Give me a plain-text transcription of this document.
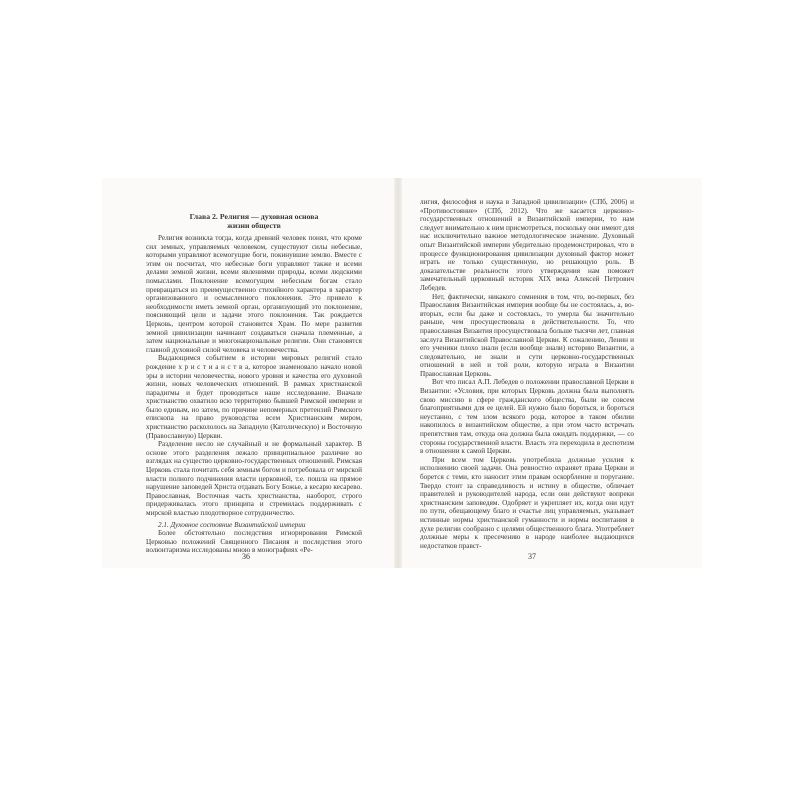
Глава 2. Религия — духовная основа
жизни обществ

Религия возникла тогда, когда древний человек понял, что кроме сил земных, управляемых человеком, существуют силы небесные, которыми управляют всемогущие боги, покинувшие землю. Вместе с этим он посчитал, что небесные боги управляют также и всеми делами земной жизни, всеми явлениями природы, всеми людскими помыслами. Поклонение всемогущим небесным богам стало превращаться из преимущественно стихийного характера в характер организованного и осмысленного поклонения. Это привело к необходимости иметь земной орган, организующий это поклонение, поясняющий цели и задачи этого поклонения. Так рождается Церковь, центром которой становится Храм. По мере развития земной цивилизации начинают создаваться сначала племенные, а затем национальные и многонациональные религии. Они становятся главной духовной силой человека и человечества.

Выдающимся событием в истории мировых религий стало рождение х р и с т и а н с т в а, которое знаменовало начало новой эры в истории человечества, нового уровня и качества его духовной жизни, новых человеческих отношений. В рамках христианской парадигмы и будет проводиться наше исследование. Вначале христианство охватило всю территорию бывшей Римской империи и было единым, но затем, по причине непомерных претензий Римского епископа на право руководства всем Христианским миром, христианство раскололось на Западную (Католическую) и Восточную (Православную) Церкви.

Разделение несло не случайный и не формальный характер. В основе этого разделения лежало принципиальное различие во взглядах на существо церковно-государственных отношений. Римская Церковь стала почитать себя земным богом и потребовала от мирской власти полного подчинения власти церковной, т.е. пошла на прямое нарушение заповедей Христа отдавать Богу Божье, а кесарю кесарево. Православная, Восточная часть христианства, наоборот, строго придерживалась этого принципа и стремилась поддерживать с мирской властью плодотворное сотрудничество.

2.1. Духовное состояние Византийской империи

Более обстоятельно последствия игнорирования Римской Церковью положений Священного Писания и последствия этого волюнтаризма исследованы мною в монографиях «Ре-

36

лигия, философия и наука в Западной цивилизации» (СПб, 2006) и «Противостояние» (СПб, 2012). Что же касается церковно-государственных отношений в Византийской империи, то нам следует внимательно к ним присмотреться, поскольку они имеют для нас исключительно важное методологическое значение. Духовный опыт Византийской империи убедительно продемонстрировал, что в процессе функционирования цивилизации духовный фактор может играть не только существенную, но решающую роль. В доказательстве реальности этого утверждения нам поможет замечательный церковный историк XIX века Алексей Петрович Лебедев.

Нет, фактически, никакого сомнения в том, что, во-первых, без Православия Византийская империя вообще бы не состоялась, а, во-вторых, если бы даже и состоялась, то умерла бы значительно раньше, чем просуществовала в действительности. То, что православная Византия просуществовала больше тысячи лет, главная заслуга Византийской Православной Церкви. К сожалению, Ленин и его ученики плохо знали (если вообще знали) историю Византии, а следовательно, не знали и сути церковно-государственных отношений в ней и той роли, которую играла в Византии Православная Церковь.

Вот что писал А.П. Лебедев о положении православной Церкви в Византии: «Условия, при которых Церковь должна была выполнять свою миссию в сфере гражданского общества, были не совсем благоприятными для ее целей. Ей нужно было бороться, и бороться неустанно, с тем злом всякого рода, которое в таком обилии накопилось в византийском обществе, а при этом часто встречать препятствия там, откуда она должна была ожидать поддержки, — со стороны государственной власти. Власть эта переходила в деспотизм в отношении к самой Церкви.

При всем том Церковь употребляла должные усилия к исполнению своей задачи. Она ревностно охраняет права Церкви и борется с теми, кто наносит этим правам оскорбление и поругание. Твердо стоит за справедливость и истину в обществе, обличает правителей и руководителей народа, если они действуют вопреки христианским заповедям. Одобряет и укрепляет их, когда они идут по пути, обещающему благо и счастье лиц управляемых, указывает истинные нормы христианской гуманности и нормы воспитания в духе религии сообразно с целями общественного блага. Употребляет должные меры к пресечению в народе наиболее выдающихся недостатков правст-

37
